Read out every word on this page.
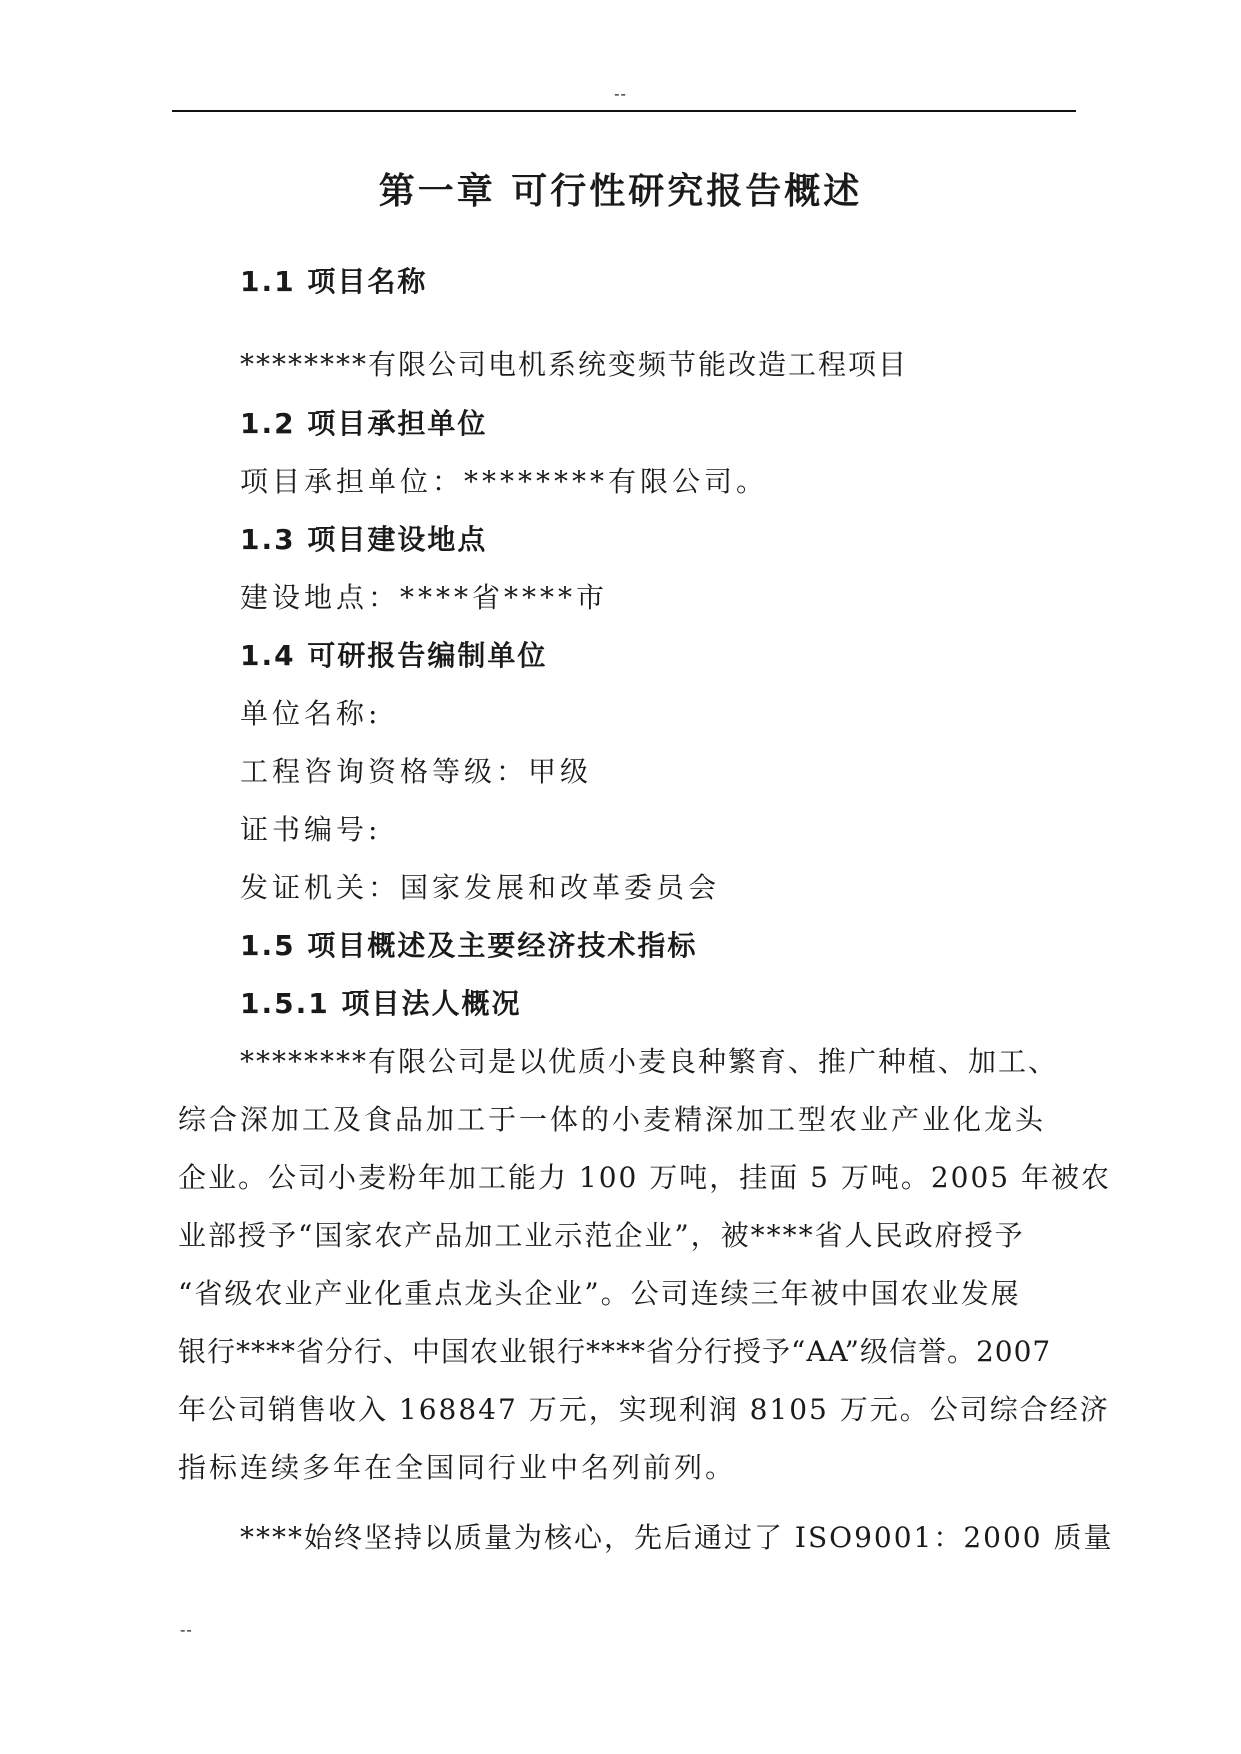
--
第一章 可行性研究报告概述
1.1 项目名称
********有限公司电机系统变频节能改造工程项目
1.2 项目承担单位
项目承担单位：********有限公司。
1.3 项目建设地点
建设地点：****省****市
1.4 可研报告编制单位
单位名称:
工程咨询资格等级：甲级
证书编号:
发证机关：国家发展和改革委员会
1.5 项目概述及主要经济技术指标
1.5.1 项目法人概况
********有限公司是以优质小麦良种繁育、推广种植、加工、
综合深加工及食品加工于一体的小麦精深加工型农业产业化龙头
企业。公司小麦粉年加工能力 100 万吨，挂面 5 万吨。2005 年被农
业部授予“国家农产品加工业示范企业”，被****省人民政府授予
“省级农业产业化重点龙头企业”。公司连续三年被中国农业发展
银行****省分行、中国农业银行****省分行授予“AA”级信誉。2007
年公司销售收入 168847 万元，实现利润 8105 万元。公司综合经济
指标连续多年在全国同行业中名列前列。
****始终坚持以质量为核心，先后通过了 ISO9001：2000 质量
--
